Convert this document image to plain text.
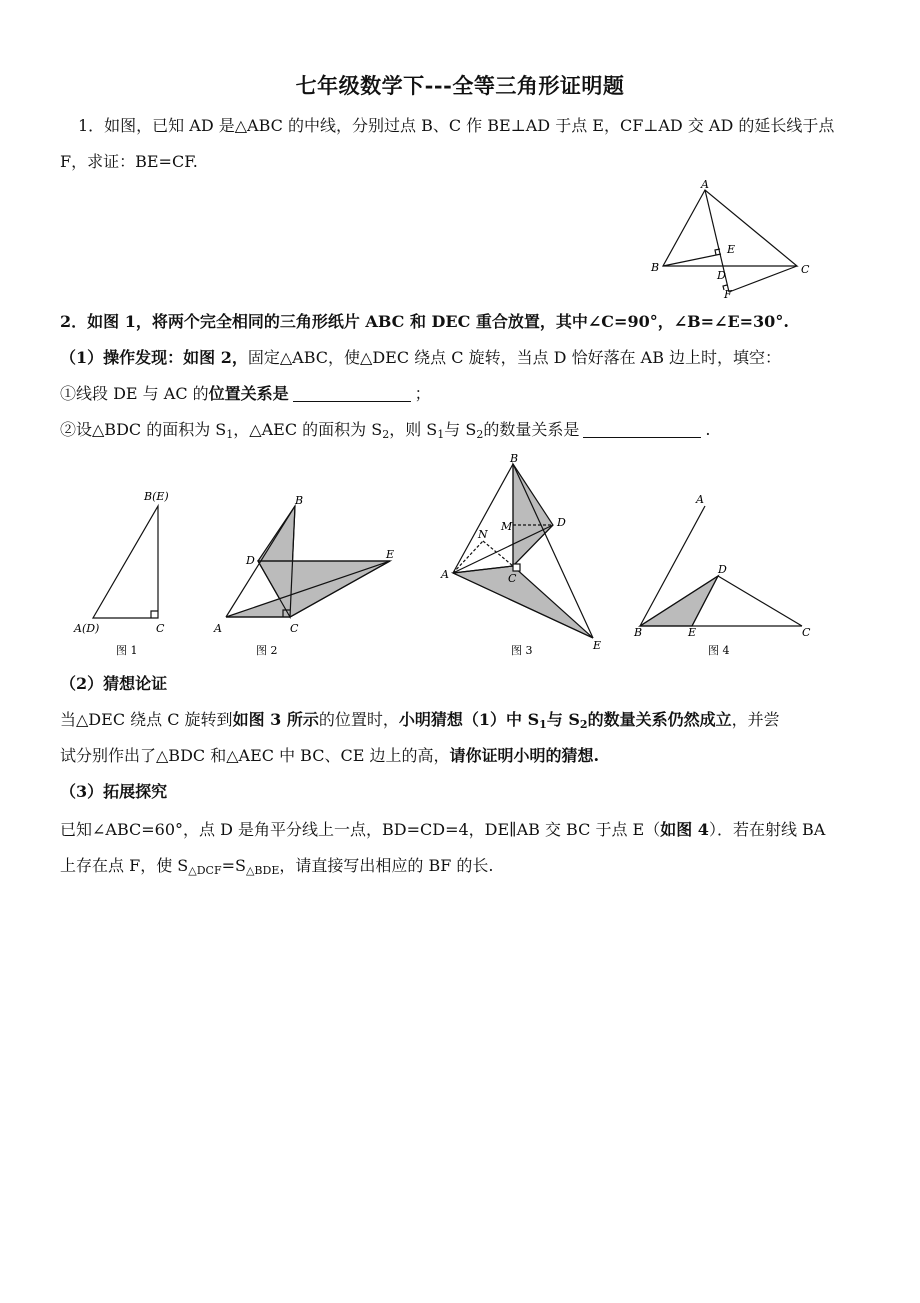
七年级数学下---全等三角形证明题
1．如图，已知 AD 是△ABC 的中线，分别过点 B、C 作 BE⊥AD 于点 E，CF⊥AD 交 AD 的延长线于点
F，求证：BE=CF.
A
B	C
D
E
F
2．如图 1，将两个完全相同的三角形纸片 ABC 和 DEC 重合放置，其中∠C=90°，∠B=∠E=30°.
（1）操作发现：如图 2，固定△ABC，使△DEC 绕点 C 旋转，当点 D 恰好落在 AB 边上时，填空：
①线段 DE 与 AC 的位置关系是	；
②设△BDC 的面积为 $S_1$，△AEC 的面积为 $S_2$，则 $S_1$与 $S_2$的数量关系是	.
B(E)
A(D)	C
图 1
B
D	E
A	C
图 2
B
M	D
N
A	C
E
图 3
A
D
B	E	C
图 4
（2）猜想论证
当△DEC 绕点 C 旋转到如图 3 所示的位置时，小明猜想（1）中 $S_1$与 $S_2$的数量关系仍然成立，并尝
试分别作出了△BDC 和△AEC 中 BC、CE 边上的高，请你证明小明的猜想.
（3）拓展探究
已知∠ABC=60°，点 D 是角平分线上一点，BD=CD=4，DE∥AB 交 BC 于点 E（如图 4）．若在射线 BA
上存在点 F，使 $S_{\triangle DCF}=S_{\triangle BDE}$，请直接写出相应的 BF 的长.
